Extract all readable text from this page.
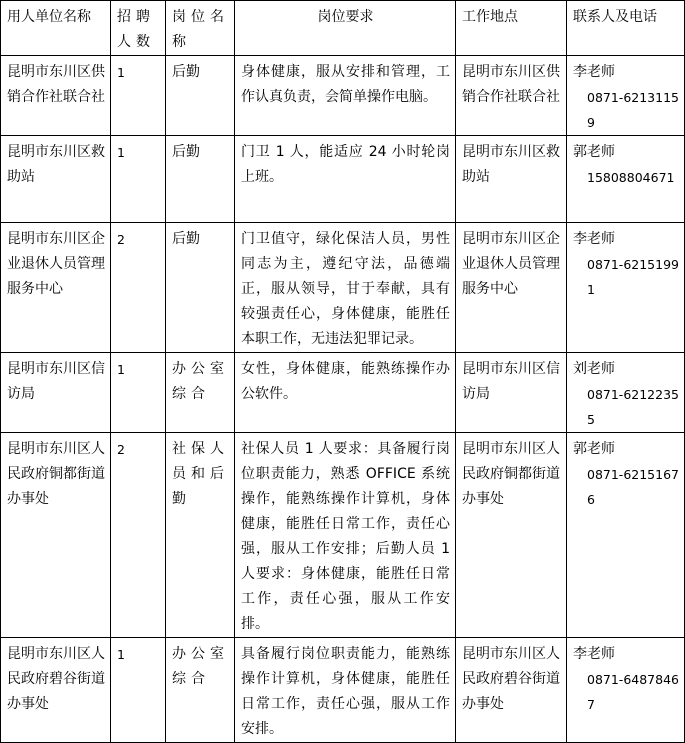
用人单位名称	招聘人数	岗位名称	岗位要求	工作地点	联系人及电话

昆明市东川区供销合作社联合社	1	后勤	身体健康，服从安排和管理，工作认真负责，会简单操作电脑。	昆明市东川区供销合作社联合社	李老师
0871-62131159

昆明市东川区救助站	1	后勤	门卫 1 人，能适应 24 小时轮岗上班。	昆明市东川区救助站	郭老师
15808804671

昆明市东川区企业退休人员管理服务中心	2	后勤	门卫值守，绿化保洁人员，男性同志为主，遵纪守法，品德端正，服从领导，甘于奉献，具有较强责任心，身体健康，能胜任本职工作，无违法犯罪记录。	昆明市东川区企业退休人员管理服务中心	李老师
0871-62151991

昆明市东川区信访局	1	办公室综合	女性，身体健康，能熟练操作办公软件。	昆明市东川区信访局	刘老师
0871-62122355

昆明市东川区人民政府铜都街道办事处	2	社保人员和后勤	社保人员 1 人要求：具备履行岗位职责能力，熟悉 OFFICE 系统操作，能熟练操作计算机，身体健康，能胜任日常工作，责任心强，服从工作安排；后勤人员 1 人要求：身体健康，能胜任日常工作，责任心强，服从工作安排。	昆明市东川区人民政府铜都街道办事处	郭老师
0871-62151676

昆明市东川区人民政府碧谷街道办事处	1	办公室综合	具备履行岗位职责能力，能熟练操作计算机，身体健康，能胜任日常工作，责任心强，服从工作安排。	昆明市东川区人民政府碧谷街道办事处	李老师
0871-64878467
